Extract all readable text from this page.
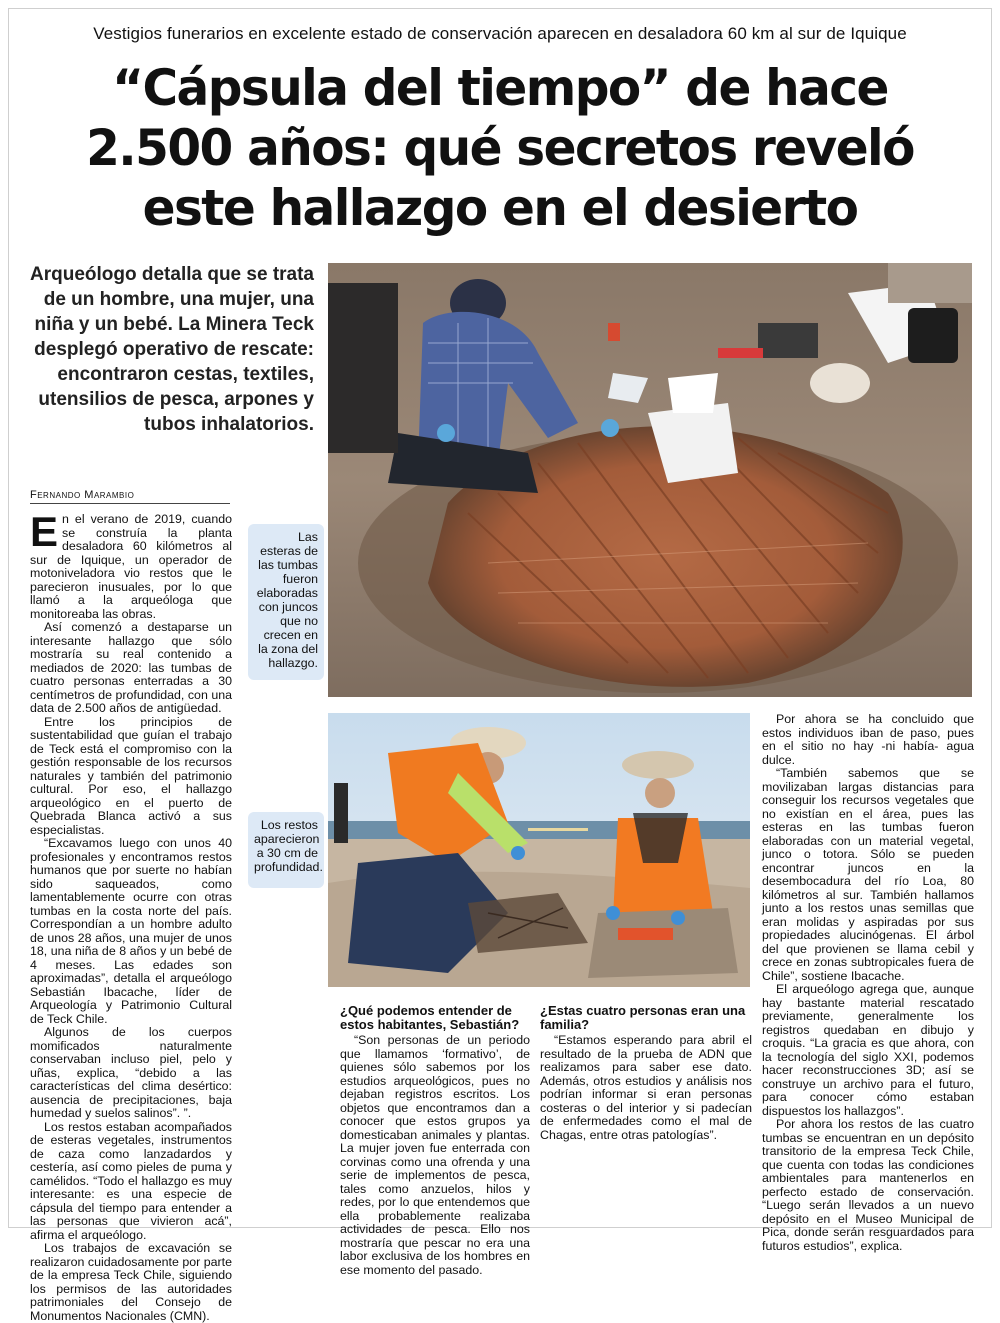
Vestigios funerarios en excelente estado de conservación aparecen en desaladora 60 km al sur de Iquique
“Cápsula del tiempo” de hace 2.500 años: qué secretos reveló este hallazgo en el desierto
Arqueólogo detalla que se trata de un hombre, una mujer, una niña y un bebé. La Minera Teck desplegó operativo de rescate: encontraron cestas, textiles, utensilios de pesca, arpones y tubos inhalatorios.
Fernando Marambio
Las esteras de las tumbas fueron elaboradas con juncos que no crecen en la zona del hallazgo.
Los restos aparecieron a 30 cm de profundidad.

En el verano de 2019, cuando se construía la planta desaladora 60 kilómetros al sur de Iquique, un operador de motoniveladora vio restos que le parecieron inusuales, por lo que llamó a la arqueóloga que monitoreaba las obras.

Así comenzó a destaparse un interesante hallazgo que sólo mostraría su real contenido a mediados de 2020: las tumbas de cuatro personas enterradas a 30 centímetros de profundidad, con una data de 2.500 años de antigüedad.

Entre los principios de sustentabilidad que guían el trabajo de Teck está el compromiso con la gestión responsable de los recursos naturales y también del patrimonio cultural. Por eso, el hallazgo arqueológico en el puerto de Quebrada Blanca activó a sus especialistas.

“Excavamos luego con unos 40 profesionales y encontramos restos humanos que por suerte no habían sido saqueados, como lamentablemente ocurre con otras tumbas en la costa norte del país. Correspondían a un hombre adulto de unos 28 años, una mujer de unos 18, una niña de 8 años y un bebé de 4 meses. Las edades son aproximadas”, detalla el arqueólogo Sebastián Ibacache, líder de Arqueología y Patrimonio Cultural de Teck Chile.

Algunos de los cuerpos momificados naturalmente conservaban incluso piel, pelo y uñas, explica, “debido a las características del clima desértico: ausencia de precipitaciones, baja humedad y suelos salinos”. ”.

Los restos estaban acompañados de esteras vegetales, instrumentos de caza como lanzadardos y cestería, así como pieles de puma y camélidos. “Todo el hallazgo es muy interesante: es una especie de cápsula del tiempo para entender a las personas que vivieron acá”, afirma el arqueólogo.

Los trabajos de excavación se realizaron cuidadosamente por parte de la empresa Teck Chile, siguiendo los permisos de las autoridades patrimoniales del Consejo de Monumentos Nacionales (CMN).

¿Qué podemos entender de estos habitantes, Sebastián?

“Son personas de un periodo que llamamos ‘formativo’, de quienes sólo sabemos por los estudios arqueológicos, pues no dejaban registros escritos. Los objetos que encontramos dan a conocer que estos grupos ya domesticaban animales y plantas. La mujer joven fue enterrada con corvinas como una ofrenda y una serie de implementos de pesca, tales como anzuelos, hilos y redes, por lo que entendemos que ella probablemente realizaba actividades de pesca. Ello nos mostraría que pescar no era una labor exclusiva de los hombres en ese momento del pasado.

¿Estas cuatro personas eran una familia?

“Estamos esperando para abril el resultado de la prueba de ADN que realizamos para saber ese dato. Además, otros estudios y análisis nos podrían informar si eran personas costeras o del interior y si padecían de enfermedades como el mal de Chagas, entre otras patologías”.

Por ahora se ha concluido que estos individuos iban de paso, pues en el sitio no hay -ni había- agua dulce.

“También sabemos que se movilizaban largas distancias para conseguir los recursos vegetales que no existían en el área, pues las esteras en las tumbas fueron elaboradas con un material vegetal, junco o totora. Sólo se pueden encontrar juncos en la desembocadura del río Loa, 80 kilómetros al sur. También hallamos junto a los restos unas semillas que eran molidas y aspiradas por sus propiedades alucinógenas. El árbol del que provienen se llama cebil y crece en zonas subtropicales fuera de Chile”, sostiene Ibacache.

El arqueólogo agrega que, aunque hay bastante material rescatado previamente, generalmente los registros quedaban en dibujo y croquis. “La gracia es que ahora, con la tecnología del siglo XXI, podemos hacer reconstrucciones 3D; así se construye un archivo para el futuro, para conocer cómo estaban dispuestos los hallazgos”.

Por ahora los restos de las cuatro tumbas se encuentran en un depósito transitorio de la empresa Teck Chile, que cuenta con todas las condiciones ambientales para mantenerlos en perfecto estado de conservación. “Luego serán llevados a un nuevo depósito en el Museo Municipal de Pica, donde serán resguardados para futuros estudios”, explica.
